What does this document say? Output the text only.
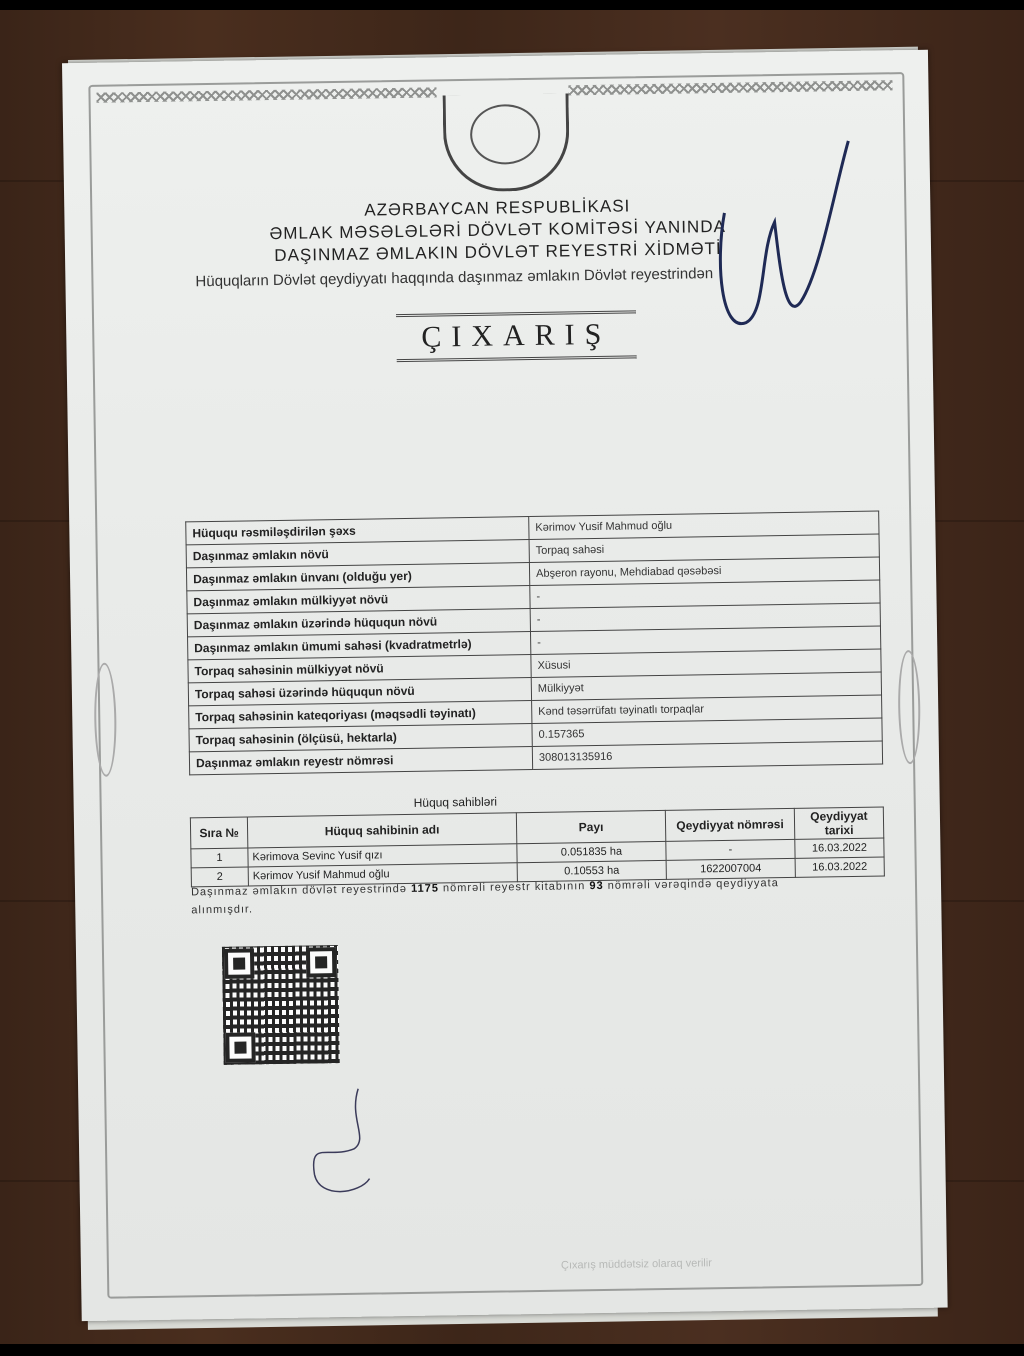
AZƏRBAYCAN RESPUBLİKASI
ƏMLAK MƏSƏLƏLƏRİ DÖVLƏT KOMİTƏSİ YANINDA
DAŞINMAZ ƏMLAKIN DÖVLƏT REYESTRİ XİDMƏTİ
Hüquqların Dövlət qeydiyyatı haqqında daşınmaz əmlakın Dövlət reyestrindən
ÇIXARIŞ
Hüququ rəsmiləşdirilən şəxs	Kərimov Yusif Mahmud oğlu
Daşınmaz əmlakın növü	Torpaq sahəsi
Daşınmaz əmlakın ünvanı (olduğu yer)	Abşeron rayonu, Mehdiabad qəsəbəsi
Daşınmaz əmlakın mülkiyyət növü	-
Daşınmaz əmlakın üzərində hüququn növü	-
Daşınmaz əmlakın ümumi sahəsi (kvadratmetrlə)	-
Torpaq sahəsinin mülkiyyət növü	Xüsusi
Torpaq sahəsi üzərində hüququn növü	Mülkiyyət
Torpaq sahəsinin kateqoriyası (məqsədli təyinatı)	Kənd təsərrüfatı təyinatlı torpaqlar
Torpaq sahəsinin (ölçüsü, hektarla)	0.157365
Daşınmaz əmlakın reyestr nömrəsi	308013135916
Hüquq sahibləri
Sıra №	Hüquq sahibinin adı	Payı	Qeydiyyat nömrəsi	Qeydiyyat tarixi
1	Kərimova Sevinc Yusif qızı	0.051835 ha	-	16.03.2022
2	Kərimov Yusif Mahmud oğlu	0.10553 ha	1622007004	16.03.2022
Daşınmaz əmlakın dövlət reyestrində 1175 nömrəli reyestr kitabının 93 nömrəli vərəqində qeydiyyata alınmışdır.
Çıxarış müddətsiz olaraq verilir
